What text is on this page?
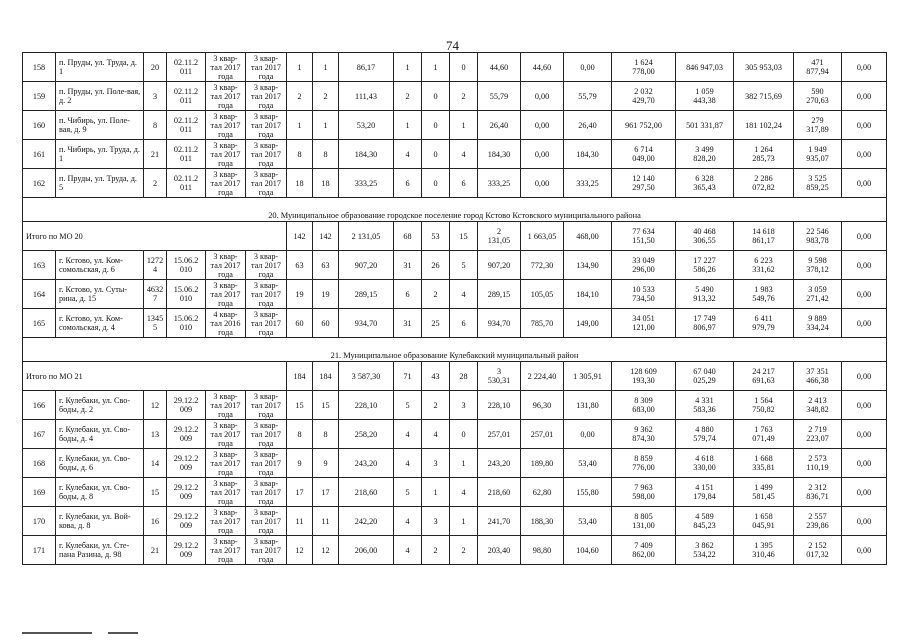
74
158	п. Пруды, ул. Труда, д. 1	20	02.11.2
011	3 квар-
тал 2017
года	3 квар-
тал 2017
года	1	1	86,17	1	1	0	44,60	44,60	0,00	1 624
778,00	846 947,03	305 953,03	471
877,94	0,00
159	п. Пруды, ул. Поле-вая, д. 2	3	02.11.2
011	3 квар-
тал 2017
года	3 квар-
тал 2017
года	2	2	111,43	2	0	2	55,79	0,00	55,79	2 032
429,70	1 059
443,38	382 715,69	590
270,63	0,00
160	п. Чибирь, ул. Поле-вая, д. 9	8	02.11.2
011	3 квар-
тал 2017
года	3 квар-
тал 2017
года	1	1	53,20	1	0	1	26,40	0,00	26,40	961 752,00	501 331,87	181 102,24	279
317,89	0,00
161	п. Чибирь, ул. Труда, д. 1	21	02.11.2
011	3 квар-
тал 2017
года	3 квар-
тал 2017
года	8	8	184,30	4	0	4	184,30	0,00	184,30	6 714
049,00	3 499
828,20	1 264
285,73	1 949
935,07	0,00
162	п. Пруды, ул. Труда, д. 5	2	02.11.2
011	3 квар-
тал 2017
года	3 квар-
тал 2017
года	18	18	333,25	6	0	6	333,25	0,00	333,25	12 140
297,50	6 328
365,43	2 286
072,82	3 525
859,25	0,00
20. Муниципальное образование городское поселение город Кстово Кстовского муниципального района																			
Итого по МО 20						142	142	2 131,05	68	53	15	2
131,05	1 663,05	468,00	77 634
151,50	40 468
306,55	14 618
861,17	22 546
983,78	0,00
163	г. Кстово, ул. Ком-сомольская, д. 6	1272
4	15.06.2
010	3 квар-
тал 2017
года	3 квар-
тал 2017
года	63	63	907,20	31	26	5	907,20	772,30	134,90	33 049
296,00	17 227
586,26	6 223
331,62	9 598
378,12	0,00
164	г. Кстово, ул. Суты-рина, д. 15	4632
7	15.06.2
010	3 квар-
тал 2017
года	3 квар-
тал 2017
года	19	19	289,15	6	2	4	289,15	105,05	184,10	10 533
734,50	5 490
913,32	1 983
549,76	3 059
271,42	0,00
165	г. Кстово, ул. Ком-сомольская, д. 4	1345
5	15.06.2
010	4 квар-
тал 2016
года	3 квар-
тал 2017
года	60	60	934,70	31	25	6	934,70	785,70	149,00	34 051
121,00	17 749
806,97	6 411
979,79	9 889
334,24	0,00
21. Муниципальное образование Кулебакский муниципальный район																			
Итого по МО 21						184	184	3 587,30	71	43	28	3
530,31	2 224,40	1 305,91	128 609
193,30	67 040
025,29	24 217
691,63	37 351
466,38	0,00
166	г. Кулебаки, ул. Сво-боды, д. 2	12	29.12.2
009	3 квар-
тал 2017
года	3 квар-
тал 2017
года	15	15	228,10	5	2	3	228,10	96,30	131,80	8 309
683,00	4 331
583,36	1 564
750,82	2 413
348,82	0,00
167	г. Кулебаки, ул. Сво-боды, д. 4	13	29.12.2
009	3 квар-
тал 2017
года	3 квар-
тал 2017
года	8	8	258,20	4	4	0	257,01	257,01	0,00	9 362
874,30	4 880
579,74	1 763
071,49	2 719
223,07	0,00
168	г. Кулебаки, ул. Сво-боды, д. 6	14	29.12.2
009	3 квар-
тал 2017
года	3 квар-
тал 2017
года	9	9	243,20	4	3	1	243,20	189,80	53,40	8 859
776,00	4 618
330,00	1 668
335,81	2 573
110,19	0,00
169	г. Кулебаки, ул. Сво-боды, д. 8	15	29.12.2
009	3 квар-
тал 2017
года	3 квар-
тал 2017
года	17	17	218,60	5	1	4	218,60	62,80	155,80	7 963
598,00	4 151
179,84	1 499
581,45	2 312
836,71	0,00
170	г. Кулебаки, ул. Вой-кова, д. 8	16	29.12.2
009	3 квар-
тал 2017
года	3 квар-
тал 2017
года	11	11	242,20	4	3	1	241,70	188,30	53,40	8 805
131,00	4 589
845,23	1 658
045,91	2 557
239,86	0,00
171	г. Кулебаки, ул. Сте-пана Разина, д. 98	21	29.12.2
009	3 квар-
тал 2017
года	3 квар-
тал 2017
года	12	12	206,00	4	2	2	203,40	98,80	104,60	7 409
862,00	3 862
534,22	1 395
310,46	2 152
017,32	0,00
